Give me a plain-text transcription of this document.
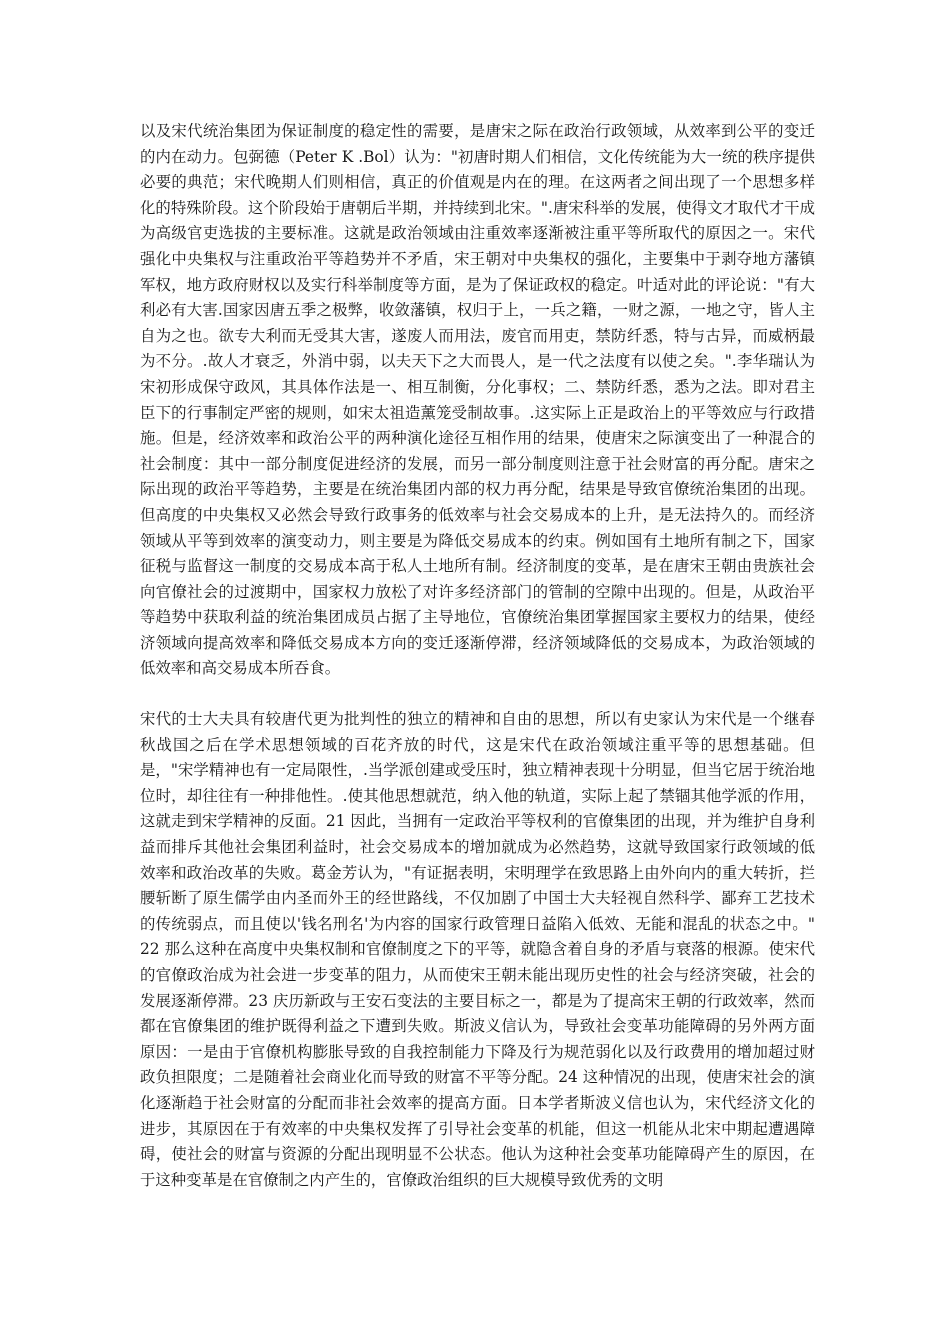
以及宋代统治集团为保证制度的稳定性的需要，是唐宋之际在政治行政领域，从效率到公平的变迁的内在动力。包弼德（Peter K .Bol）认为："初唐时期人们相信，文化传统能为大一统的秩序提供必要的典范；宋代晚期人们则相信，真正的价值观是内在的理。在这两者之间出现了一个思想多样化的特殊阶段。这个阶段始于唐朝后半期，并持续到北宋。".唐宋科举的发展，使得文才取代才干成为高级官吏选拔的主要标准。这就是政治领域由注重效率逐渐被注重平等所取代的原因之一。宋代强化中央集权与注重政治平等趋势并不矛盾，宋王朝对中央集权的强化，主要集中于剥夺地方藩镇军权，地方政府财权以及实行科举制度等方面，是为了保证政权的稳定。叶适对此的评论说："有大利必有大害.国家因唐五季之极弊，收敛藩镇，权归于上，一兵之籍，一财之源，一地之守，皆人主自为之也。欲专大利而无受其大害，遂废人而用法，废官而用吏，禁防纤悉，特与古异，而威柄最为不分。.故人才衰乏，外消中弱，以夫天下之大而畏人，是一代之法度有以使之矣。".李华瑞认为宋初形成保守政风，其具体作法是一、相互制衡，分化事权；二、禁防纤悉，悉为之法。即对君主臣下的行事制定严密的规则，如宋太祖造薰笼受制故事。.这实际上正是政治上的平等效应与行政措施。但是，经济效率和政治公平的两种演化途径互相作用的结果，使唐宋之际演变出了一种混合的社会制度：其中一部分制度促进经济的发展，而另一部分制度则注意于社会财富的再分配。唐宋之际出现的政治平等趋势，主要是在统治集团内部的权力再分配，结果是导致官僚统治集团的出现。但高度的中央集权又必然会导致行政事务的低效率与社会交易成本的上升，是无法持久的。而经济领域从平等到效率的演变动力，则主要是为降低交易成本的约束。例如国有土地所有制之下，国家征税与监督这一制度的交易成本高于私人土地所有制。经济制度的变革，是在唐宋王朝由贵族社会向官僚社会的过渡期中，国家权力放松了对许多经济部门的管制的空隙中出现的。但是，从政治平等趋势中获取利益的统治集团成员占据了主导地位，官僚统治集团掌握国家主要权力的结果，使经济领域向提高效率和降低交易成本方向的变迁逐渐停滞，经济领域降低的交易成本，为政治领域的低效率和高交易成本所吞食。

宋代的士大夫具有较唐代更为批判性的独立的精神和自由的思想，所以有史家认为宋代是一个继春秋战国之后在学术思想领域的百花齐放的时代，这是宋代在政治领域注重平等的思想基础。但是，"宋学精神也有一定局限性，.当学派创建或受压时，独立精神表现十分明显，但当它居于统治地位时，却往往有一种排他性。.使其他思想就范，纳入他的轨道，实际上起了禁锢其他学派的作用，这就走到宋学精神的反面。21 因此，当拥有一定政治平等权利的官僚集团的出现，并为维护自身利益而排斥其他社会集团利益时，社会交易成本的增加就成为必然趋势，这就导致国家行政领域的低效率和政治改革的失败。葛金芳认为，"有证据表明，宋明理学在致思路上由外向内的重大转折，拦腰斩断了原生儒学由内圣而外王的经世路线，不仅加剧了中国士大夫轻视自然科学、鄙弃工艺技术的传统弱点，而且使以'钱名刑名'为内容的国家行政管理日益陷入低效、无能和混乱的状态之中。" 22 那么这种在高度中央集权制和官僚制度之下的平等，就隐含着自身的矛盾与衰落的根源。使宋代的官僚政治成为社会进一步变革的阻力，从而使宋王朝未能出现历史性的社会与经济突破，社会的发展逐渐停滞。23 庆历新政与王安石变法的主要目标之一，都是为了提高宋王朝的行政效率，然而都在官僚集团的维护既得利益之下遭到失败。斯波义信认为，导致社会变革功能障碍的另外两方面原因：一是由于官僚机构膨胀导致的自我控制能力下降及行为规范弱化以及行政费用的增加超过财政负担限度；二是随着社会商业化而导致的财富不平等分配。24 这种情况的出现，使唐宋社会的演化逐渐趋于社会财富的分配而非社会效率的提高方面。日本学者斯波义信也认为，宋代经济文化的进步，其原因在于有效率的中央集权发挥了引导社会变革的机能，但这一机能从北宋中期起遭遇障碍，使社会的财富与资源的分配出现明显不公状态。他认为这种社会变革功能障碍产生的原因，在于这种变革是在官僚制之内产生的，官僚政治组织的巨大规模导致优秀的文明
